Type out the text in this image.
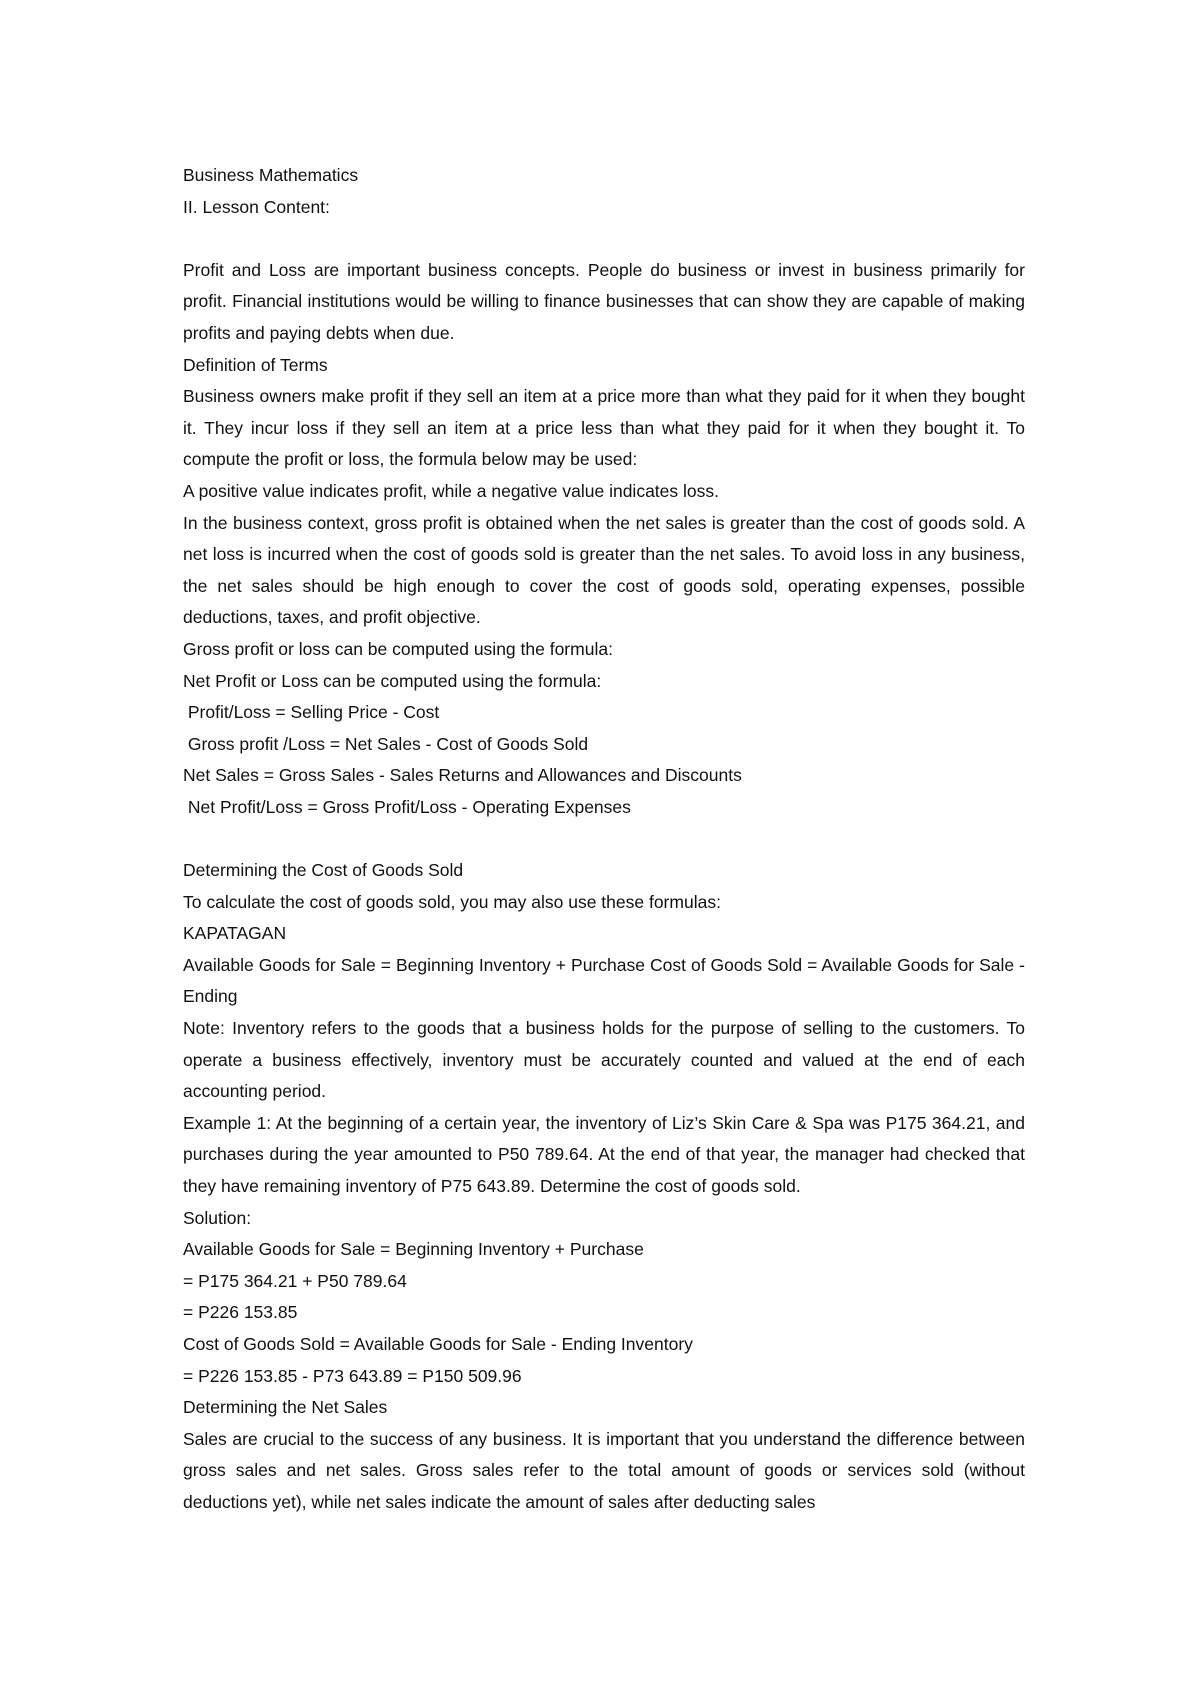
Business Mathematics
II. Lesson Content:
Profit and Loss are important business concepts. People do business or invest in business primarily for profit. Financial institutions would be willing to finance businesses that can show they are capable of making profits and paying debts when due.
Definition of Terms
Business owners make profit if they sell an item at a price more than what they paid for it when they bought it. They incur loss if they sell an item at a price less than what they paid for it when they bought it. To compute the profit or loss, the formula below may be used:
A positive value indicates profit, while a negative value indicates loss.
In the business context, gross profit is obtained when the net sales is greater than the cost of goods sold. A net loss is incurred when the cost of goods sold is greater than the net sales. To avoid loss in any business, the net sales should be high enough to cover the cost of goods sold, operating expenses, possible deductions, taxes, and profit objective.
Gross profit or loss can be computed using the formula:
Net Profit or Loss can be computed using the formula:
Profit/Loss = Selling Price - Cost
Gross profit /Loss = Net Sales - Cost of Goods Sold
Net Sales = Gross Sales - Sales Returns and Allowances and Discounts
Net Profit/Loss = Gross Profit/Loss - Operating Expenses
Determining the Cost of Goods Sold
To calculate the cost of goods sold, you may also use these formulas:
KAPATAGAN
Available Goods for Sale = Beginning Inventory + Purchase Cost of Goods Sold = Available Goods for Sale - Ending
Note: Inventory refers to the goods that a business holds for the purpose of selling to the customers. To operate a business effectively, inventory must be accurately counted and valued at the end of each accounting period.
Example 1: At the beginning of a certain year, the inventory of Liz’s Skin Care & Spa was P175 364.21, and purchases during the year amounted to P50 789.64. At the end of that year, the manager had checked that they have remaining inventory of P75 643.89. Determine the cost of goods sold.
Solution:
Available Goods for Sale = Beginning Inventory + Purchase
= P175 364.21 + P50 789.64
= P226 153.85
Cost of Goods Sold = Available Goods for Sale - Ending Inventory
= P226 153.85 - P73 643.89 = P150 509.96
Determining the Net Sales
Sales are crucial to the success of any business. It is important that you understand the difference between gross sales and net sales. Gross sales refer to the total amount of goods or services sold (without deductions yet), while net sales indicate the amount of sales after deducting sales
